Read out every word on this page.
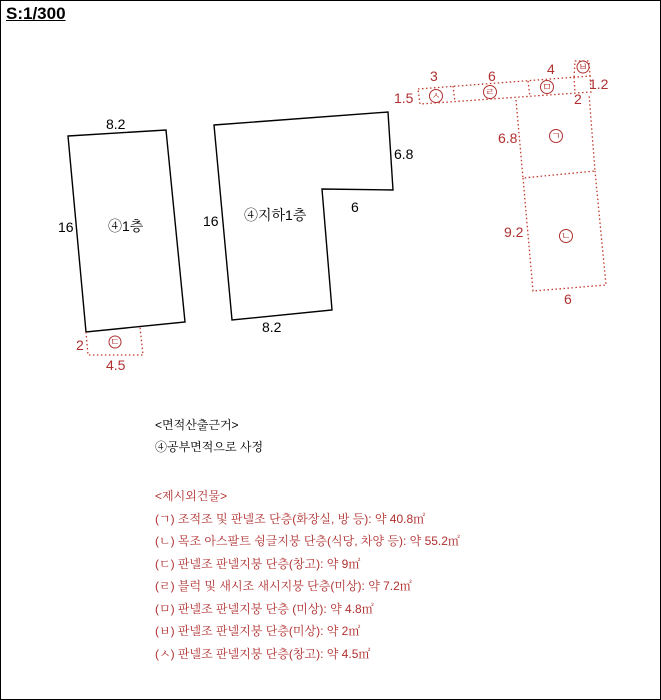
S:1/300
8.2
16 ④1층
ㄷ
2
4.5
16
8.2
6.8
6
④지하1층
ㅅ	ㄹ	ㅁ
ㅂ
3
1.5
6	4
1.2
2
ㄱ
ㄴ
6.8
9.2
6
<면적산출근거>
④공부면적으로 사정
<제시외건물>
(ㄱ) 조적조 및 판넬조 단층(화장실, 방 등): 약 40.8㎡
(ㄴ) 목조 아스팔트 슁글지붕 단층(식당, 차양 등): 약 55.2㎡
(ㄷ) 판넬조 판넬지붕 단층(창고): 약 9㎡
(ㄹ) 블럭 및 새시조 새시지붕 단층(미상): 약 7.2㎡
(ㅁ) 판넬조 판넬지붕 단층 (미상): 약 4.8㎡
(ㅂ) 판넬조 판넬지붕 단층(미상): 약 2㎡
(ㅅ) 판넬조 판넬지붕 단층(창고): 약 4.5㎡
